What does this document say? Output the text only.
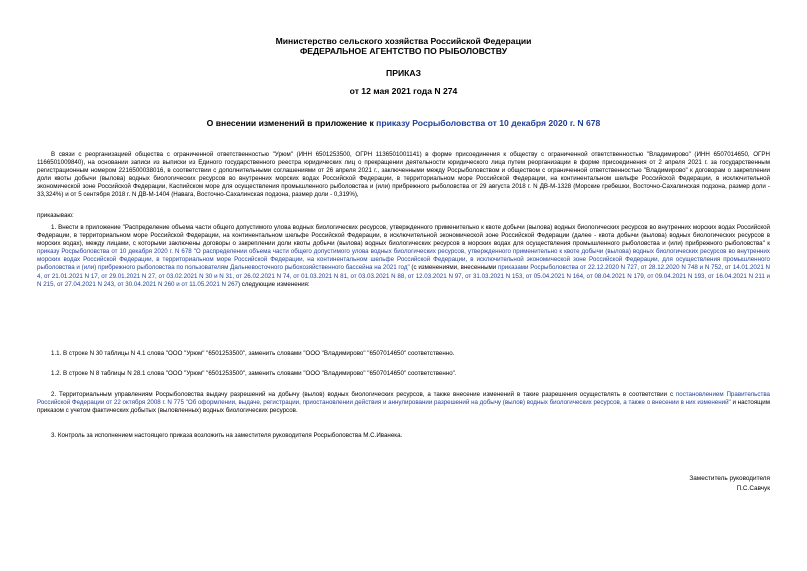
Министерство сельского хозяйства Российской Федерации
ФЕДЕРАЛЬНОЕ АГЕНТСТВО ПО РЫБОЛОВСТВУ
ПРИКАЗ
от 12 мая 2021 года N 274
О внесении изменений в приложение к приказу Росрыболовства от 10 декабря 2020 г. N 678

В связи с реорганизацией общества с ограниченной ответственностью "Урюм" (ИНН 6501253500, ОГРН 1136501001141) в форме присоединения к обществу с ограниченной ответственностью "Владимирово" (ИНН 6507014650, ОГРН 1166501009840), на основании записи из выписки из Единого государственного реестра юридических лиц о прекращении деятельности юридического лица путем реорганизации в форме присоединения от 2 апреля 2021 г. за государственным регистрационным номером 2216500038016, в соответствии с дополнительными соглашениями от 26 апреля 2021 г., заключенными между Росрыболовством и обществом с ограниченной ответственностью "Владимирово" к договорам о закреплении доли квоты добычи (вылова) водных биологических ресурсов во внутренних морских водах Российской Федерации, в территориальном море Российской Федерации, на континентальном шельфе Российской Федерации, в исключительной экономической зоне Российской Федерации, Каспийском море для осуществления промышленного рыболовства и (или) прибрежного рыболовства от 29 августа 2018 г. N ДВ-М-1328 (Морские гребешки, Восточно-Сахалинская подзона, размер доли - 33,324%) и от 5 сентября 2018 г. N ДВ-М-1404 (Навага, Восточно-Сахалинская подзона, размер доли - 0,319%),

приказываю:

1. Внести в приложение "Распределение объема части общего допустимого улова водных биологических ресурсов, утвержденного применительно к квоте добычи (вылова) водных биологических ресурсов во внутренних морских водах Российской Федерации, в территориальном море Российской Федерации, на континентальном шельфе Российской Федерации, в исключительной экономической зоне Российской Федерации (далее - квота добычи (вылова) водных биологических ресурсов в морских водах), между лицами, с которыми заключены договоры о закреплении доли квоты добычи (вылова) водных биологических ресурсов в морских водах для осуществления промышленного рыболовства и (или) прибрежного рыболовства" к приказу Росрыболовства от 10 декабря 2020 г. N 678 "О распределении объема части общего допустимого улова водных биологических ресурсов, утвержденного применительно к квоте добычи (вылова) водных биологических ресурсов во внутренних морских водах Российской Федерации, в территориальном море Российской Федерации, на континентальном шельфе Российской Федерации, в исключительной экономической зоне Российской Федерации, для осуществления промышленного рыболовства и (или) прибрежного рыболовства по пользователям Дальневосточного рыбохозяйственного бассейна на 2021 год" (с изменениями, внесенными приказами Росрыболовства от 22.12.2020 N 727, от 28.12.2020 N 748 и N 752, от 14.01.2021 N 4, от 21.01.2021 N 17, от 29.01.2021 N 27, от 03.02.2021 N 30 и N 31, от 26.02.2021 N 74, от 01.03.2021 N 81, от 03.03.2021 N 88, от 12.03.2021 N 97, от 31.03.2021 N 153, от 05.04.2021 N 164, от 08.04.2021 N 179, от 09.04.2021 N 193, от 16.04.2021 N 211 и N 215, от 27.04.2021 N 243, от 30.04.2021 N 260 и от 11.05.2021 N 267) следующие изменения:

1.1. В строке N 30 таблицы N 4.1 слова "ООО "Урюм" "6501253500", заменить словами "ООО "Владимирово" "6507014650" соответственно.

1.2. В строке N 8 таблицы N 28.1 слова "ООО "Урюм" "6501253500", заменить словами "ООО "Владимирово" "6507014650" соответственно".

2. Территориальным управлениям Росрыболовства выдачу разрешений на добычу (вылов) водных биологических ресурсов, а также внесение изменений в такие разрешения осуществлять в соответствии с постановлением Правительства Российской Федерации от 22 октября 2008 г. N 775 "Об оформлении, выдаче, регистрации, приостановлении действия и аннулировании разрешений на добычу (вылов) водных биологических ресурсов, а также о внесении в них изменений" и настоящим приказом с учетом фактических добытых (выловленных) водных биологических ресурсов.

3. Контроль за исполнением настоящего приказа возложить на заместителя руководителя Росрыболовства М.С.Иванека.

Заместитель руководителя
П.С.Савчук
